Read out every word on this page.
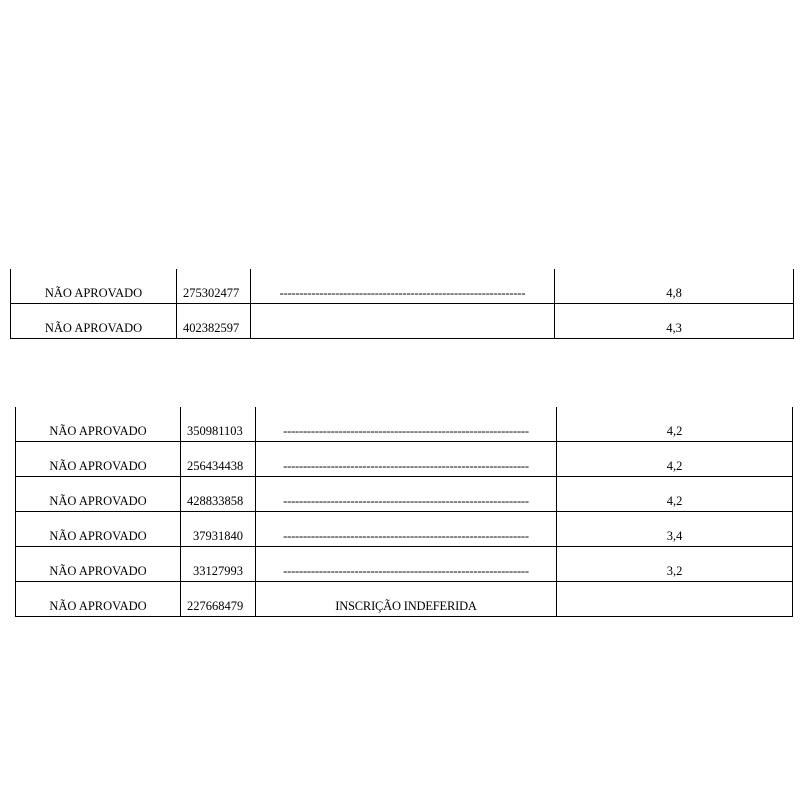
NÃO APROVADO	275302477	--------------------------------------------------------------	4,8
NÃO APROVADO	402382597		4,3
NÃO APROVADO	350981103	--------------------------------------------------------------	4,2
NÃO APROVADO	256434438	--------------------------------------------------------------	4,2
NÃO APROVADO	428833858	--------------------------------------------------------------	4,2
NÃO APROVADO	37931840	--------------------------------------------------------------	3,4
NÃO APROVADO	33127993	--------------------------------------------------------------	3,2
NÃO APROVADO	227668479	INSCRIÇÃO INDEFERIDA	
